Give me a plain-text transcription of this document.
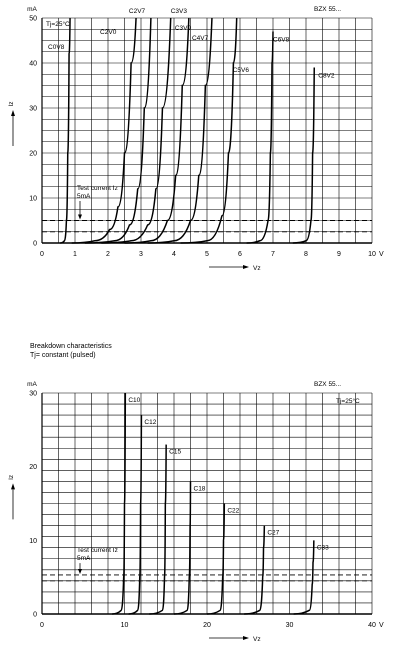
0	1	2	3	4	5	6	7	8	9	10 V
0
10
20
30
40
50
mA
Vz
Iz
BZX 55...
Tj=25°C
Test current Iz
5mA
C0V8
C2V0
C2V7	C3V3
C3V9
C4V7
C5V6
C6V8
C8V2
0	10	20	30	40 V
0
10
20
30
mA
Vz
Iz
BZX 55...
Tj=25°C
Test current Iz
5mA
C10
C12
C15
C18
C22
C27
C33
Breakdown characteristics
Tj= constant (pulsed)
